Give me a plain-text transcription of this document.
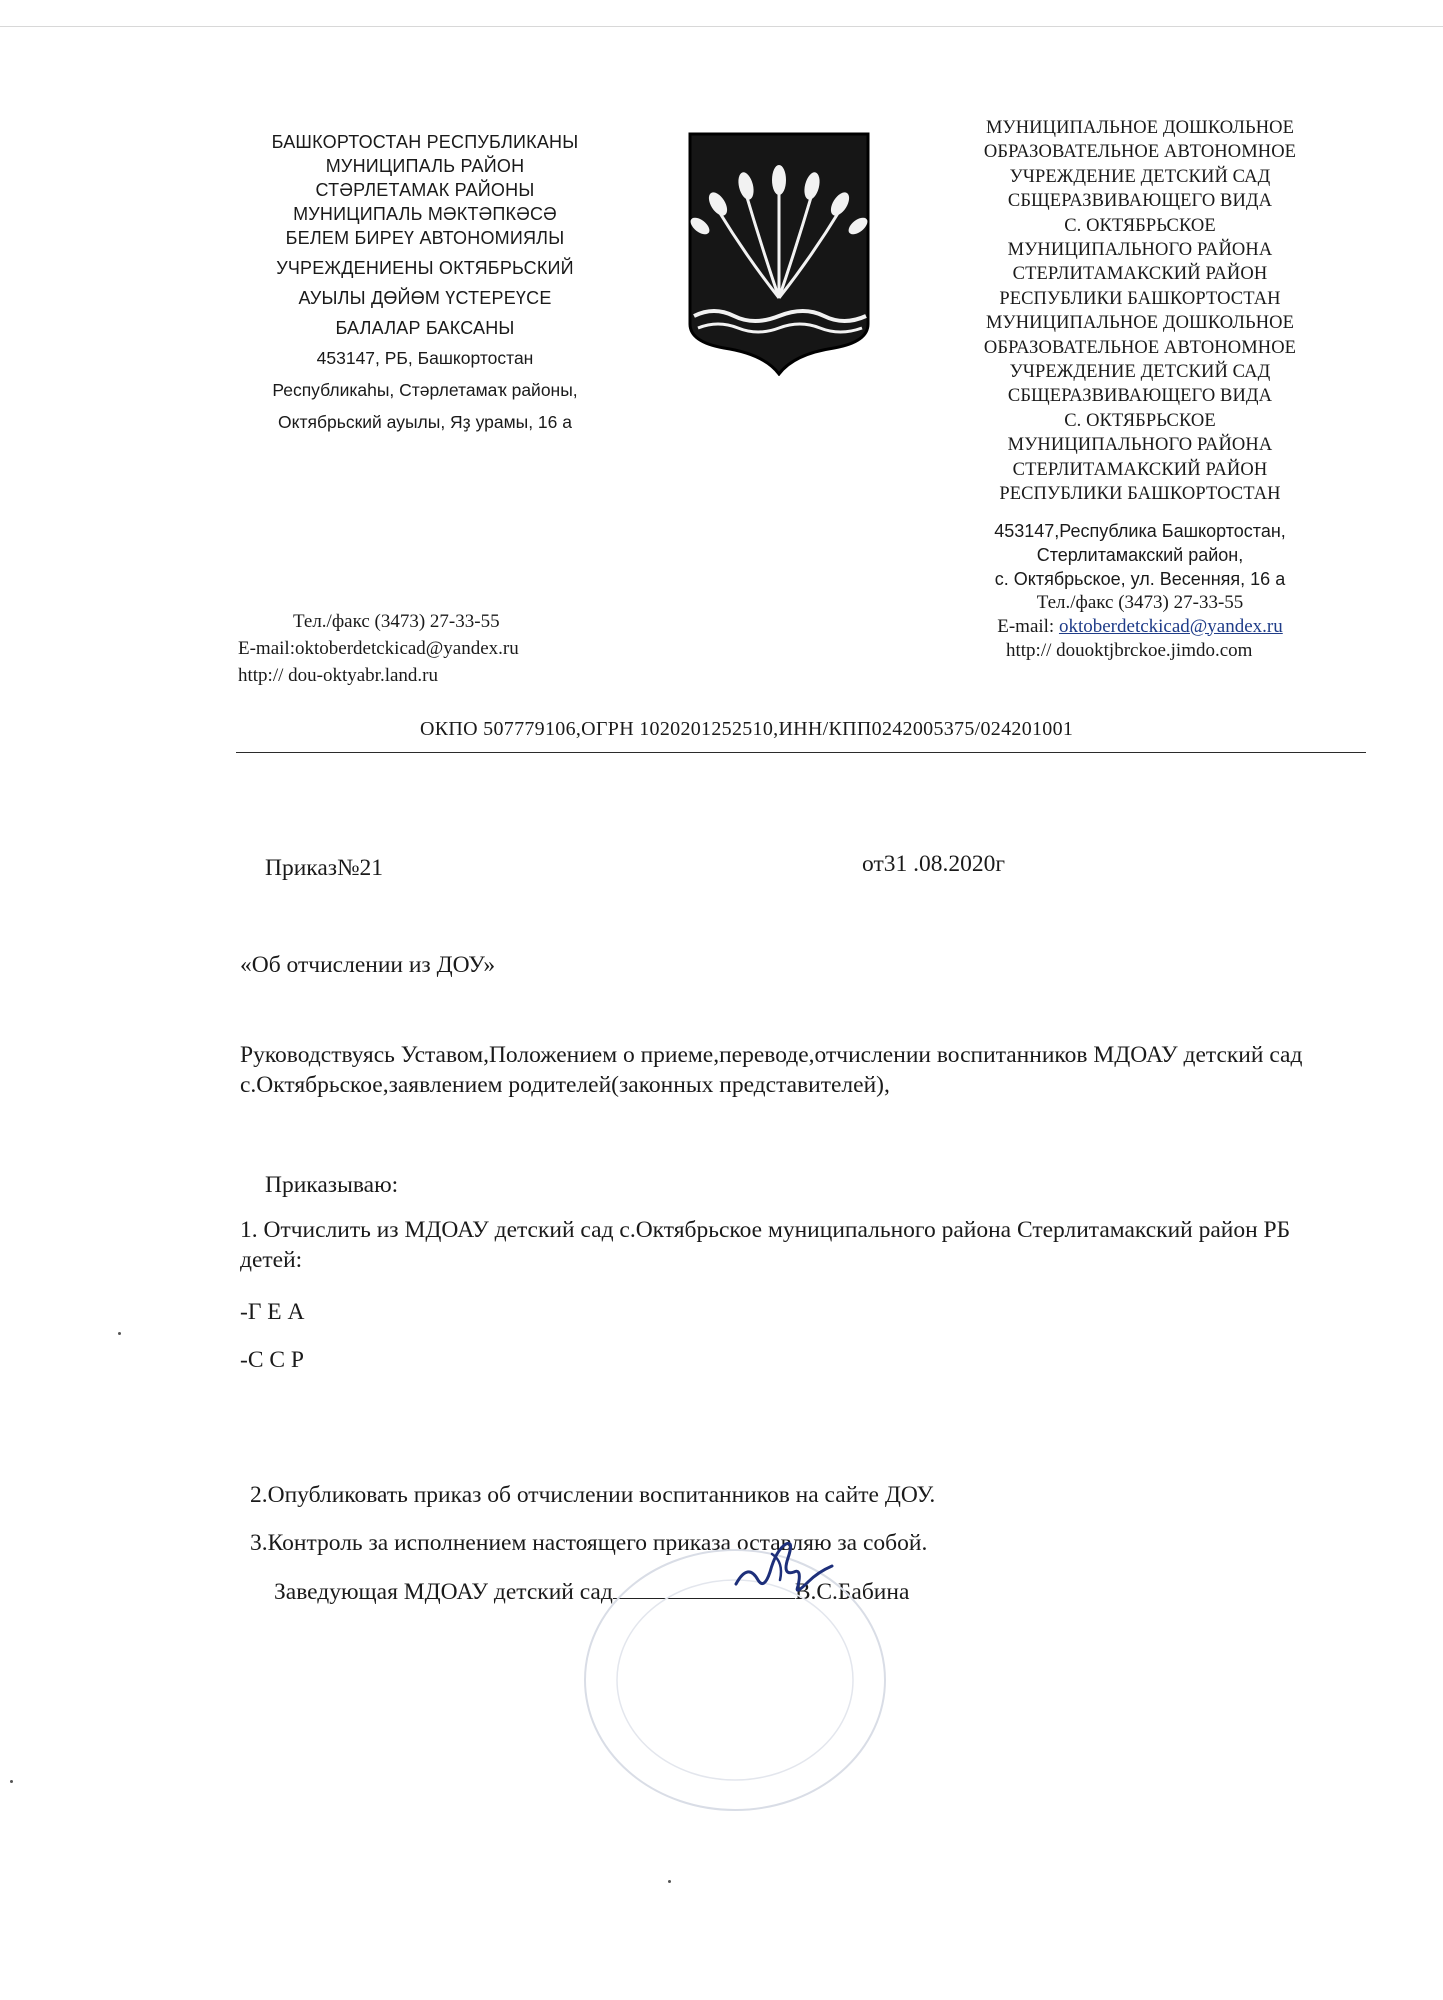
БАШКОРТОСТАН РЕСПУБЛИКАHЫ
МУНИЦИПАЛЬ РАЙОН
СТӘРЛЕТАМАК РАЙОНЫ
МУНИЦИПАЛЬ МӘКТӘПКӘСӘ
БЕЛЕМ БИРЕҮ АВТОНОМИЯЛЫ
УЧРЕЖДЕНИЕHЫ ОКТЯБРЬСКИЙ
АУЫЛЫ ДӨЙӨМ ҮСТЕРЕҮСЕ
БАЛАЛАР БАКСАHЫ
453147, РБ, Башкортостан
Республикаһы, Стәрлетамаҡ районы,
Октябрьский ауылы, Яҙ урамы, 16 а
Тел./факс (3473) 27-33-55
E-mail:oktoberdetckicad@yandex.ru
http:// dou-oktyabr.land.ru
МУНИЦИПАЛЬНОЕ ДОШКОЛЬНОЕ
ОБРАЗОВАТЕЛЬНОЕ АВТОНОМНОЕ
УЧРЕЖДЕНИЕ ДЕТСКИЙ САД
СБЩЕРАЗВИВАЮЩЕГО ВИДА
С. ОКТЯБРЬСКОЕ
МУНИЦИПАЛЬНОГО РАЙОНА
СТЕРЛИТАМАКСКИЙ РАЙОН
РЕСПУБЛИКИ БАШКОРТОСТАН
МУНИЦИПАЛЬНОЕ ДОШКОЛЬНОЕ
ОБРАЗОВАТЕЛЬНОЕ АВТОНОМНОЕ
УЧРЕЖДЕНИЕ ДЕТСКИЙ САД
СБЩЕРАЗВИВАЮЩЕГО ВИДА
С. ОКТЯБРЬСКОЕ
МУНИЦИПАЛЬНОГО РАЙОНА
СТЕРЛИТАМАКСКИЙ РАЙОН
РЕСПУБЛИКИ БАШКОРТОСТАН
453147,Республика Башкортостан,
Стерлитамакский район,
с. Октябрьское, ул. Весенняя, 16 а
Тел./факс (3473) 27-33-55
E-mail: oktoberdetckicad@yandex.ru
http:// douoktjbrckoe.jimdo.com
ОКПО 507779106,ОГРН 1020201252510,ИНН/КПП0242005375/024201001
Приказ№21	от31 .08.2020г
«Об отчислении из ДОУ»
Руководствуясь Уставом,Положением о приеме,переводе,отчислении воспитанников МДОАУ детский сад с.Октябрьское,заявлением родителей(законных представителей),
Приказываю:
1. Отчислить из МДОАУ детский сад с.Октябрьское муниципального района Стерлитамакский район РБ детей:
-Г Е А
-С С Р
2.Опубликовать приказ об отчислении воспитанников на сайте ДОУ.
3.Контроль за исполнением настоящего приказа оставляю за собой.
Заведующая МДОАУ детский сад	В.С.Бабина
